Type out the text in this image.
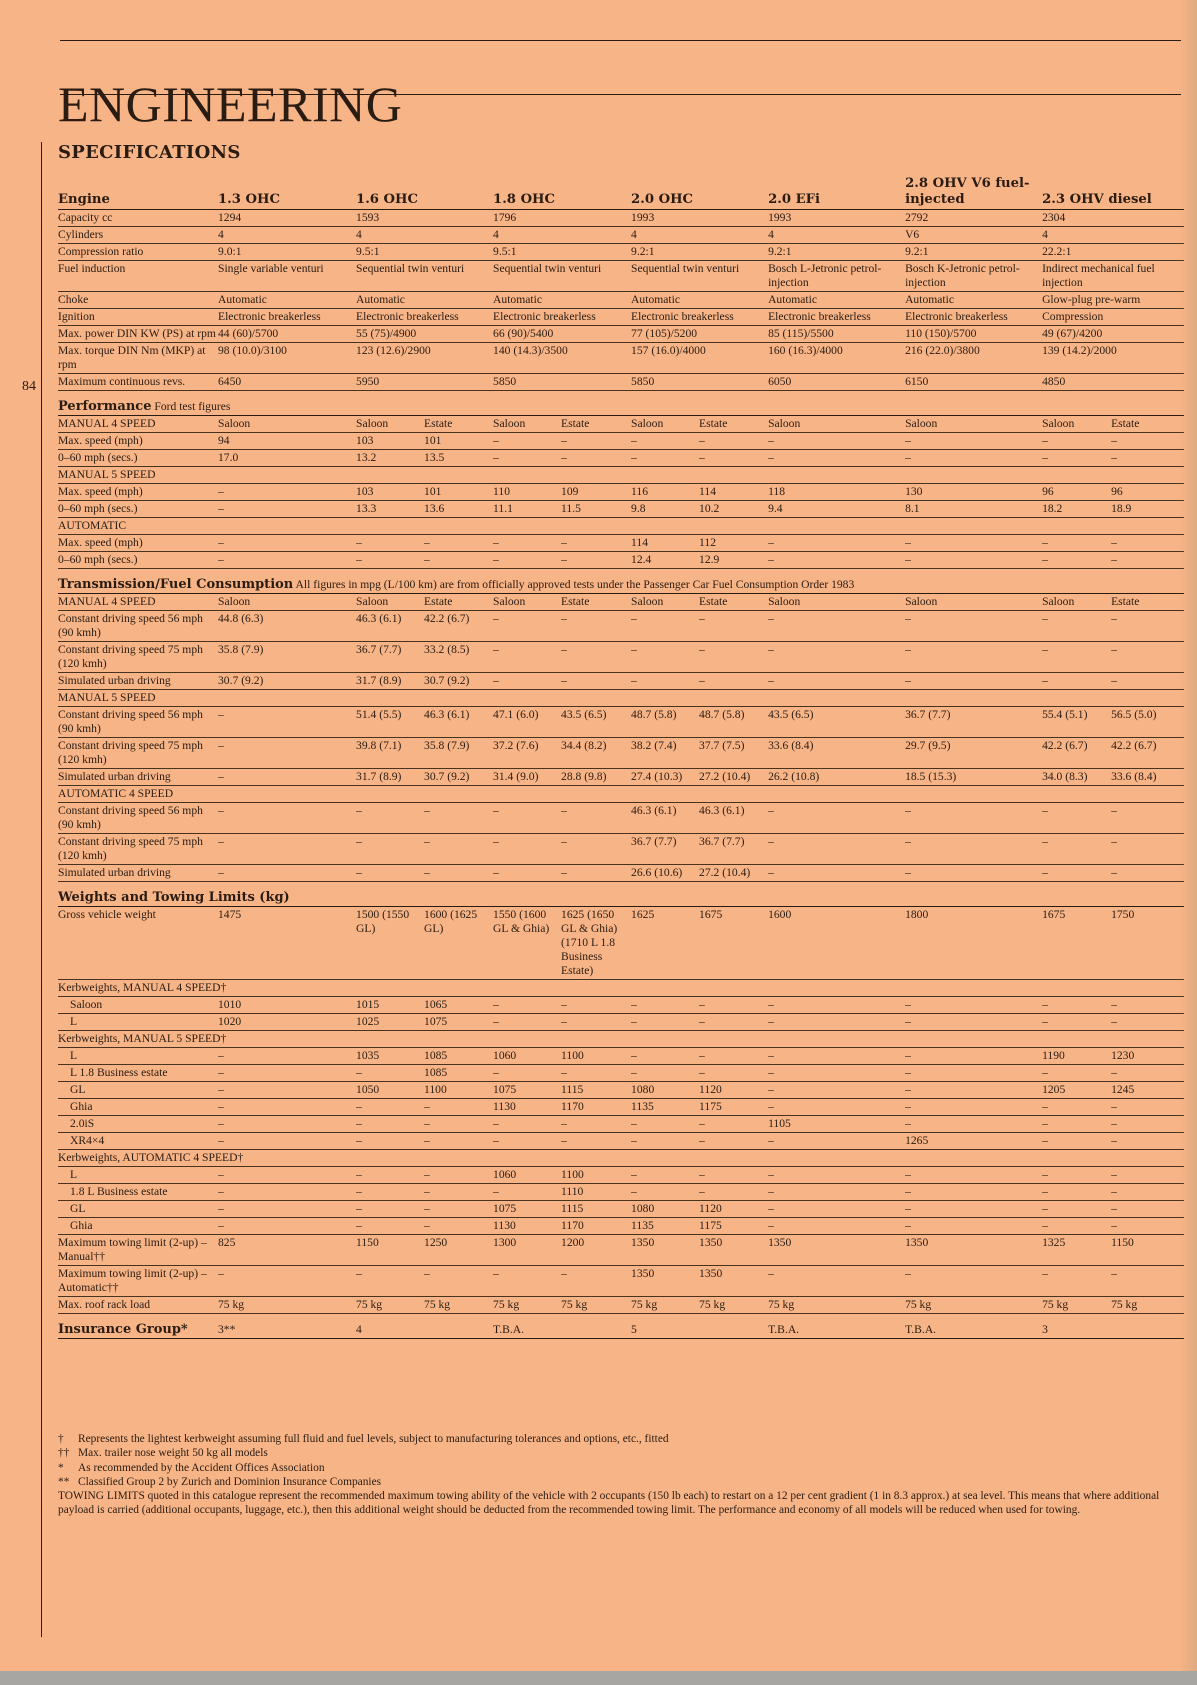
ENGINEERING
84
SPECIFICATIONS
Engine	1.3 OHC	1.6 OHC		1.8 OHC		2.0 OHC		2.0 EFi	2.8 OHV V6 fuel-injected	2.3 OHV diesel	
Capacity cc	1294	1593		1796		1993		1993	2792	2304	
Cylinders	4	4		4		4		4	V6	4	
Compression ratio	9.0:1	9.5:1		9.5:1		9.2:1		9.2:1	9.2:1	22.2:1	
Fuel induction	Single variable venturi	Sequential twin venturi		Sequential twin venturi		Sequential twin venturi		Bosch L-Jetronic petrol-injection	Bosch K-Jetronic petrol-injection	Indirect mechanical fuel injection	
Choke	Automatic	Automatic		Automatic		Automatic		Automatic	Automatic	Glow-plug pre-warm	
Ignition	Electronic breakerless	Electronic breakerless		Electronic breakerless		Electronic breakerless		Electronic breakerless	Electronic breakerless	Compression	
Max. power DIN KW (PS) at rpm	44 (60)/5700	55 (75)/4900		66 (90)/5400		77 (105)/5200		85 (115)/5500	110 (150)/5700	49 (67)/4200	
Max. torque DIN Nm (MKP) at rpm	98 (10.0)/3100	123 (12.6)/2900		140 (14.3)/3500		157 (16.0)/4000		160 (16.3)/4000	216 (22.0)/3800	139 (14.2)/2000	
Maximum continuous revs.	6450	5950		5850		5850		6050	6150	4850	
Performance Ford test figures											
MANUAL 4 SPEED	Saloon	Saloon	Estate	Saloon	Estate	Saloon	Estate	Saloon	Saloon	Saloon	Estate
Max. speed (mph)	94	103	101	–	–	–	–	–	–	–	–
0–60 mph (secs.)	17.0	13.2	13.5	–	–	–	–	–	–	–	–
MANUAL 5 SPEED											
Max. speed (mph)	–	103	101	110	109	116	114	118	130	96	96
0–60 mph (secs.)	–	13.3	13.6	11.1	11.5	9.8	10.2	9.4	8.1	18.2	18.9
AUTOMATIC											
Max. speed (mph)	–	–	–	–	–	114	112	–	–	–	–
0–60 mph (secs.)	–	–	–	–	–	12.4	12.9	–	–	–	–
Transmission/Fuel Consumption All figures in mpg (L/100 km) are from officially approved tests under the Passenger Car Fuel Consumption Order 1983											
MANUAL 4 SPEED	Saloon	Saloon	Estate	Saloon	Estate	Saloon	Estate	Saloon	Saloon	Saloon	Estate
Constant driving speed 56 mph (90 kmh)	44.8 (6.3)	46.3 (6.1)	42.2 (6.7)	–	–	–	–	–	–	–	–
Constant driving speed 75 mph (120 kmh)	35.8 (7.9)	36.7 (7.7)	33.2 (8.5)	–	–	–	–	–	–	–	–
Simulated urban driving	30.7 (9.2)	31.7 (8.9)	30.7 (9.2)	–	–	–	–	–	–	–	–
MANUAL 5 SPEED											
Constant driving speed 56 mph (90 kmh)	–	51.4 (5.5)	46.3 (6.1)	47.1 (6.0)	43.5 (6.5)	48.7 (5.8)	48.7 (5.8)	43.5 (6.5)	36.7 (7.7)	55.4 (5.1)	56.5 (5.0)
Constant driving speed 75 mph (120 kmh)	–	39.8 (7.1)	35.8 (7.9)	37.2 (7.6)	34.4 (8.2)	38.2 (7.4)	37.7 (7.5)	33.6 (8.4)	29.7 (9.5)	42.2 (6.7)	42.2 (6.7)
Simulated urban driving	–	31.7 (8.9)	30.7 (9.2)	31.4 (9.0)	28.8 (9.8)	27.4 (10.3)	27.2 (10.4)	26.2 (10.8)	18.5 (15.3)	34.0 (8.3)	33.6 (8.4)
AUTOMATIC 4 SPEED											
Constant driving speed 56 mph (90 kmh)	–	–	–	–	–	46.3 (6.1)	46.3 (6.1)	–	–	–	–
Constant driving speed 75 mph (120 kmh)	–	–	–	–	–	36.7 (7.7)	36.7 (7.7)	–	–	–	–
Simulated urban driving	–	–	–	–	–	26.6 (10.6)	27.2 (10.4)	–	–	–	–
Weights and Towing Limits (kg)											
Gross vehicle weight	1475	1500 (1550 GL)	1600 (1625 GL)	1550 (1600 GL & Ghia)	1625 (1650 GL & Ghia) (1710 L 1.8 Business Estate)	1625	1675	1600	1800	1675	1750
Kerbweights, MANUAL 4 SPEED†											
Saloon	1010	1015	1065	–	–	–	–	–	–	–	–
L	1020	1025	1075	–	–	–	–	–	–	–	–
Kerbweights, MANUAL 5 SPEED†											
L	–	1035	1085	1060	1100	–	–	–	–	1190	1230
L 1.8 Business estate	–	–	1085	–	–	–	–	–	–	–	–
GL	–	1050	1100	1075	1115	1080	1120	–	–	1205	1245
Ghia	–	–	–	1130	1170	1135	1175	–	–	–	–
2.0iS	–	–	–	–	–	–	–	1105	–	–	–
XR4×4	–	–	–	–	–	–	–	–	1265	–	–
Kerbweights, AUTOMATIC 4 SPEED†											
L	–	–	–	1060	1100	–	–	–	–	–	–
1.8 L Business estate	–	–	–	–	1110	–	–	–	–	–	–
GL	–	–	–	1075	1115	1080	1120	–	–	–	–
Ghia	–	–	–	1130	1170	1135	1175	–	–	–	–
Maximum towing limit (2-up) – Manual††	825	1150	1250	1300	1200	1350	1350	1350	1350	1325	1150
Maximum towing limit (2-up) – Automatic††	–	–	–	–	–	1350	1350	–	–	–	–
Max. roof rack load	75 kg	75 kg	75 kg	75 kg	75 kg	75 kg	75 kg	75 kg	75 kg	75 kg	75 kg
Insurance Group*	3**	4		T.B.A.		5		T.B.A.	T.B.A.	3	

† Represents the lightest kerbweight assuming full fluid and fuel levels, subject to manufacturing tolerances and options, etc., fitted

†† Max. trailer nose weight 50 kg all models

* As recommended by the Accident Offices Association

** Classified Group 2 by Zurich and Dominion Insurance Companies

TOWING LIMITS quoted in this catalogue represent the recommended maximum towing ability of the vehicle with 2 occupants (150 lb each) to restart on a 12 per cent gradient (1 in 8.3 approx.) at sea level. This means that where additional payload is carried (additional occupants, luggage, etc.), then this additional weight should be deducted from the recommended towing limit. The performance and economy of all models will be reduced when used for towing.
